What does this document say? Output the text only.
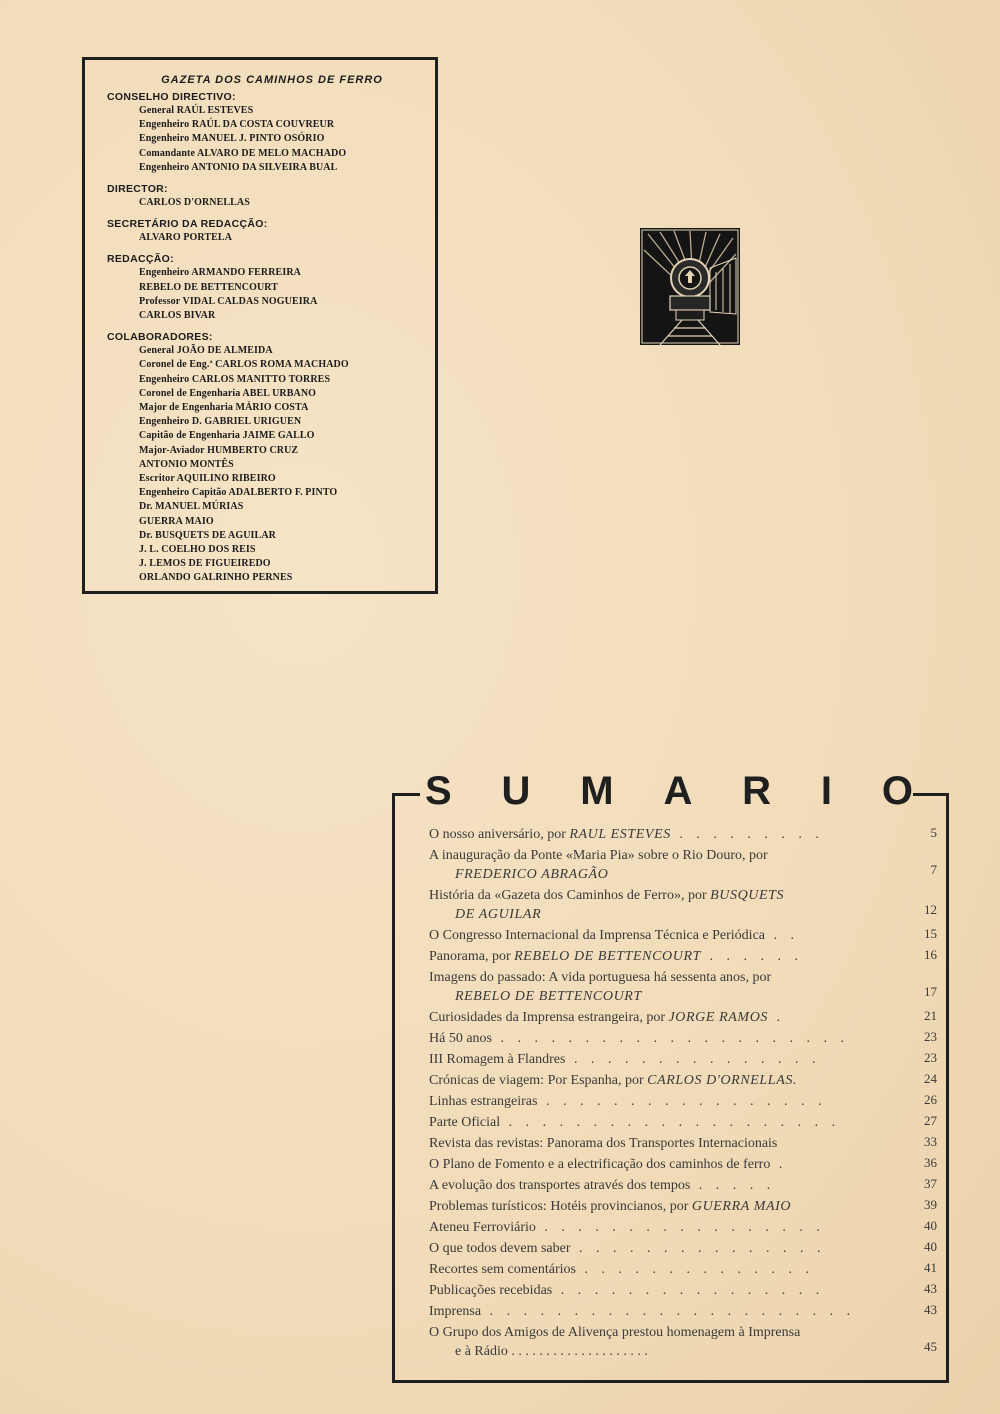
GAZETA DOS CAMINHOS DE FERRO
CONSELHO DIRECTIVO:
General RAÚL ESTEVES
Engenheiro RAÚL DA COSTA COUVREUR
Engenheiro MANUEL J. PINTO OSÓRIO
Comandante ALVARO DE MELO MACHADO
Engenheiro ANTONIO DA SILVEIRA BUAL
DIRECTOR:
CARLOS D'ORNELLAS
SECRETÁRIO DA REDACÇÃO:
ALVARO PORTELA
REDACÇÃO:
Engenheiro ARMANDO FERREIRA
REBELO DE BETTENCOURT
Professor VIDAL CALDAS NOGUEIRA
CARLOS BIVAR
COLABORADORES:
General JOÃO DE ALMEIDA
Coronel de Eng.ª CARLOS ROMA MACHADO
Engenheiro CARLOS MANITTO TORRES
Coronel de Engenharia ABEL URBANO
Major de Engenharia MÁRIO COSTA
Engenheiro D. GABRIEL URIGUEN
Capitão de Engenharia JAIME GALLO
Major-Aviador HUMBERTO CRUZ
ANTONIO MONTÊS
Escritor AQUILINO RIBEIRO
Engenheiro Capitão ADALBERTO F. PINTO
Dr. MANUEL MÚRIAS
GUERRA MAIO
Dr. BUSQUETS DE AGUILAR
J. L. COELHO DOS REIS
J. LEMOS DE FIGUEIREDO
ORLANDO GALRINHO PERNES
S U M A R I O
O nosso aniversário, por RAUL ESTEVES . . . . . . . . .	5
A inauguração da Ponte «Maria Pia» sobre o Rio Douro, por
FREDERICO ABRAGÃO	7
História da «Gazeta dos Caminhos de Ferro», por BUSQUETS
DE AGUILAR	12
O Congresso Internacional da Imprensa Técnica e Periódica . .	15
Panorama, por REBELO DE BETTENCOURT . . . . . .	16
Imagens do passado: A vida portuguesa há sessenta anos, por
REBELO DE BETTENCOURT	17
Curiosidades da Imprensa estrangeira, por JORGE RAMOS .	21
Há 50 anos . . . . . . . . . . . . . . . . . . . . .	23
III Romagem à Flandres . . . . . . . . . . . . . . .	23
Crónicas de viagem: Por Espanha, por CARLOS D'ORNELLAS.	24
Linhas estrangeiras . . . . . . . . . . . . . . . . .	26
Parte Oficial . . . . . . . . . . . . . . . . . . . .	27
Revista das revistas: Panorama dos Transportes Internacionais	33
O Plano de Fomento e a electrificação dos caminhos de ferro .	36
A evolução dos transportes através dos tempos . . . . .	37
Problemas turísticos: Hotéis provincianos, por GUERRA MAIO	39
Ateneu Ferroviário . . . . . . . . . . . . . . . . .	40
O que todos devem saber . . . . . . . . . . . . . . .	40
Recortes sem comentários . . . . . . . . . . . . . .	41
Publicações recebidas . . . . . . . . . . . . . . . .	43
Imprensa . . . . . . . . . . . . . . . . . . . . . .	43
O Grupo dos Amigos de Alivença prestou homenagem à Imprensa
e à Rádio . . . . . . . . . . . . . . . . . . . .	45
